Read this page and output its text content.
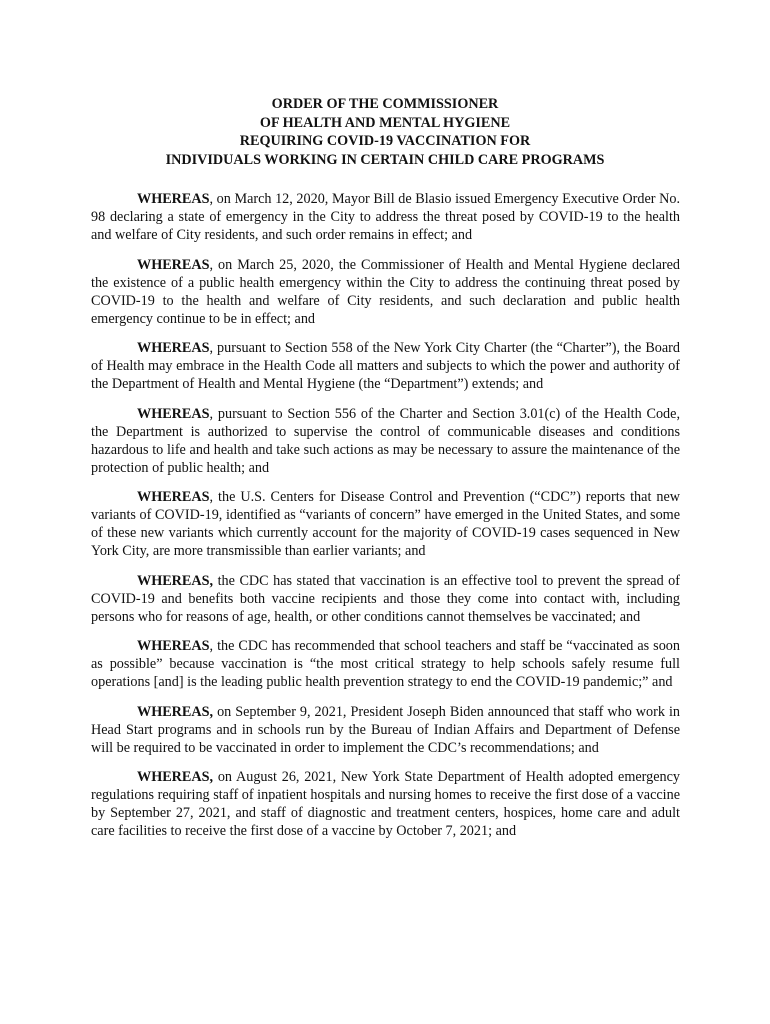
ORDER OF THE COMMISSIONER
OF HEALTH AND MENTAL HYGIENE
REQUIRING COVID-19 VACCINATION FOR
INDIVIDUALS WORKING IN CERTAIN CHILD CARE PROGRAMS

WHEREAS, on March 12, 2020, Mayor Bill de Blasio issued Emergency Executive Order No. 98 declaring a state of emergency in the City to address the threat posed by COVID-19 to the health and welfare of City residents, and such order remains in effect; and

WHEREAS, on March 25, 2020, the Commissioner of Health and Mental Hygiene declared the existence of a public health emergency within the City to address the continuing threat posed by COVID-19 to the health and welfare of City residents, and such declaration and public health emergency continue to be in effect; and

WHEREAS, pursuant to Section 558 of the New York City Charter (the “Charter”), the Board of Health may embrace in the Health Code all matters and subjects to which the power and authority of the Department of Health and Mental Hygiene (the “Department”) extends; and

WHEREAS, pursuant to Section 556 of the Charter and Section 3.01(c) of the Health Code, the Department is authorized to supervise the control of communicable diseases and conditions hazardous to life and health and take such actions as may be necessary to assure the maintenance of the protection of public health; and

WHEREAS, the U.S. Centers for Disease Control and Prevention (“CDC”) reports that new variants of COVID-19, identified as “variants of concern” have emerged in the United States, and some of these new variants which currently account for the majority of COVID-19 cases sequenced in New York City, are more transmissible than earlier variants; and

WHEREAS, the CDC has stated that vaccination is an effective tool to prevent the spread of COVID-19 and benefits both vaccine recipients and those they come into contact with, including persons who for reasons of age, health, or other conditions cannot themselves be vaccinated; and

WHEREAS, the CDC has recommended that school teachers and staff be “vaccinated as soon as possible” because vaccination is “the most critical strategy to help schools safely resume full operations [and] is the leading public health prevention strategy to end the COVID-19 pandemic;” and

WHEREAS, on September 9, 2021, President Joseph Biden announced that staff who work in Head Start programs and in schools run by the Bureau of Indian Affairs and Department of Defense will be required to be vaccinated in order to implement the CDC’s recommendations; and

WHEREAS, on August 26, 2021, New York State Department of Health adopted emergency regulations requiring staff of inpatient hospitals and nursing homes to receive the first dose of a vaccine by September 27, 2021, and staff of diagnostic and treatment centers, hospices, home care and adult care facilities to receive the first dose of a vaccine by October 7, 2021; and
